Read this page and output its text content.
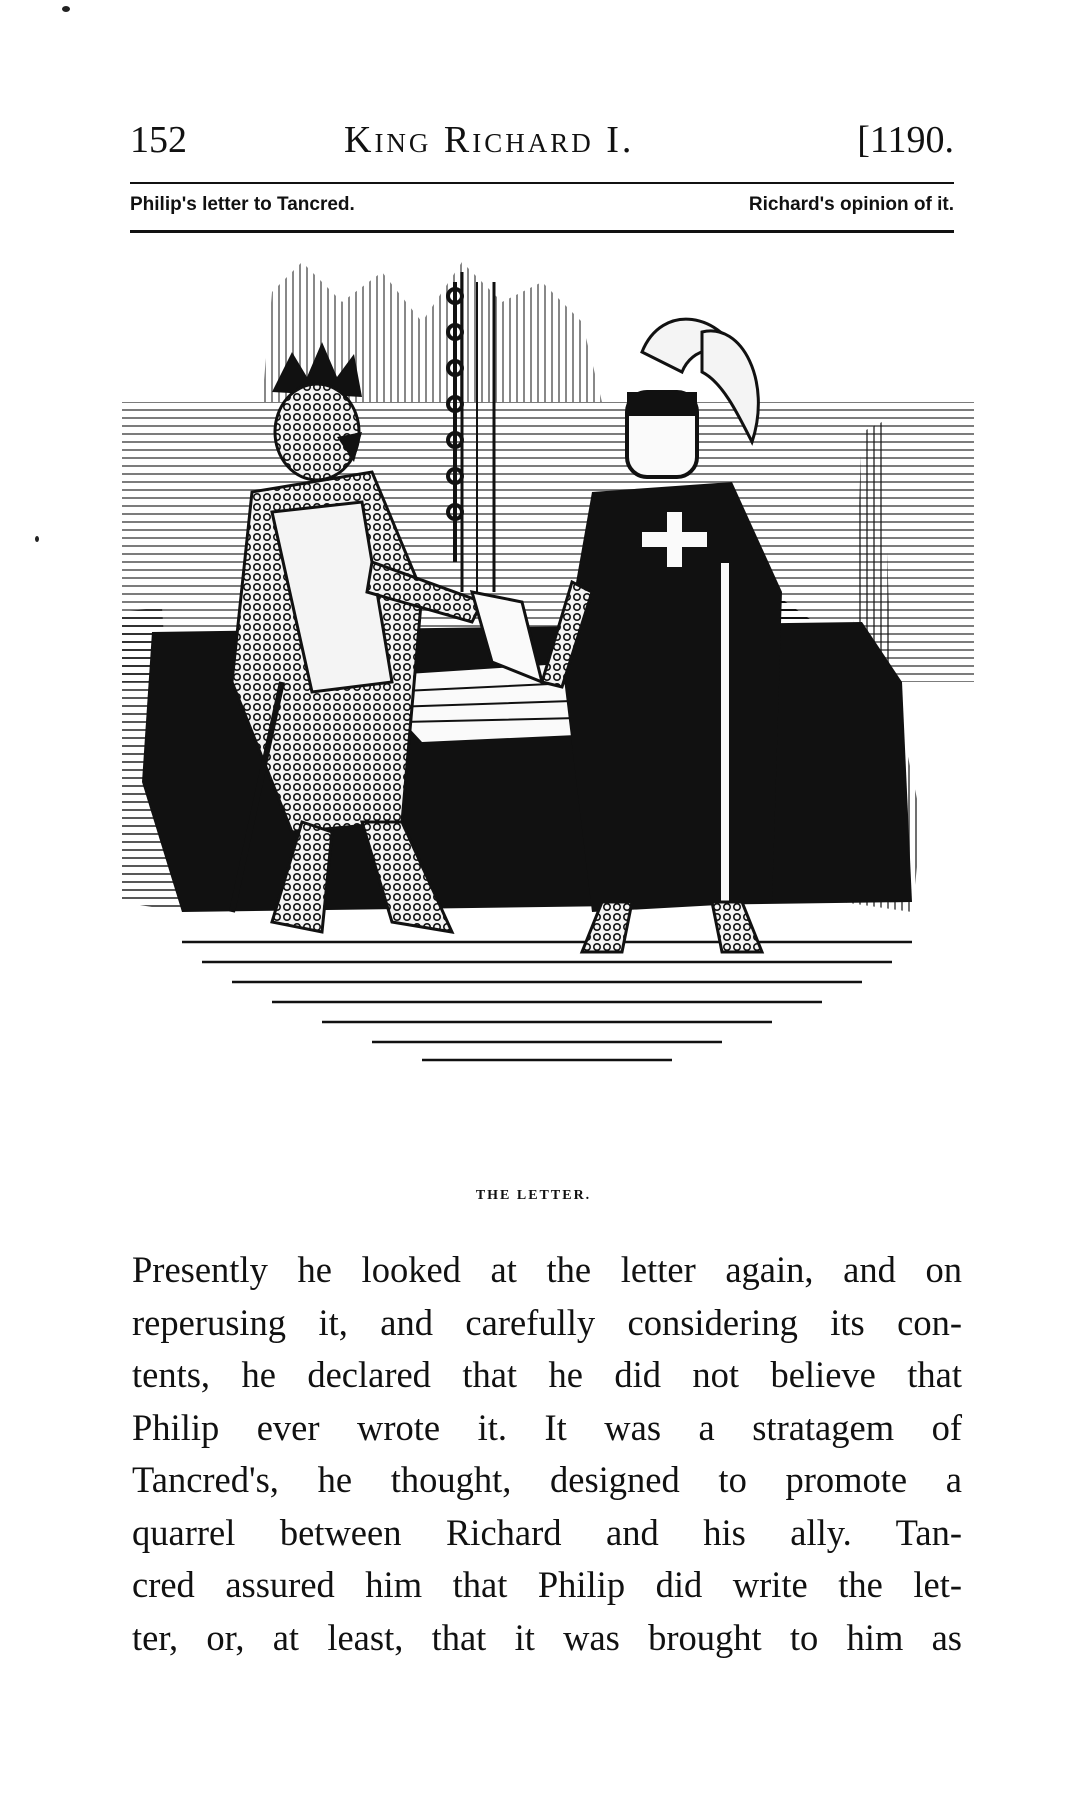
152	King Richard I.	[1190.
Philip's letter to Tancred.	Richard's opinion of it.
THE LETTER.
Presently he looked at the letter again, and on
reperusing it, and carefully considering its con-
tents, he declared that he did not believe that
Philip ever wrote it. It was a stratagem of
Tancred's, he thought, designed to promote a
quarrel between Richard and his ally. Tan-
cred assured him that Philip did write the let-
ter, or, at least, that it was brought to him as
